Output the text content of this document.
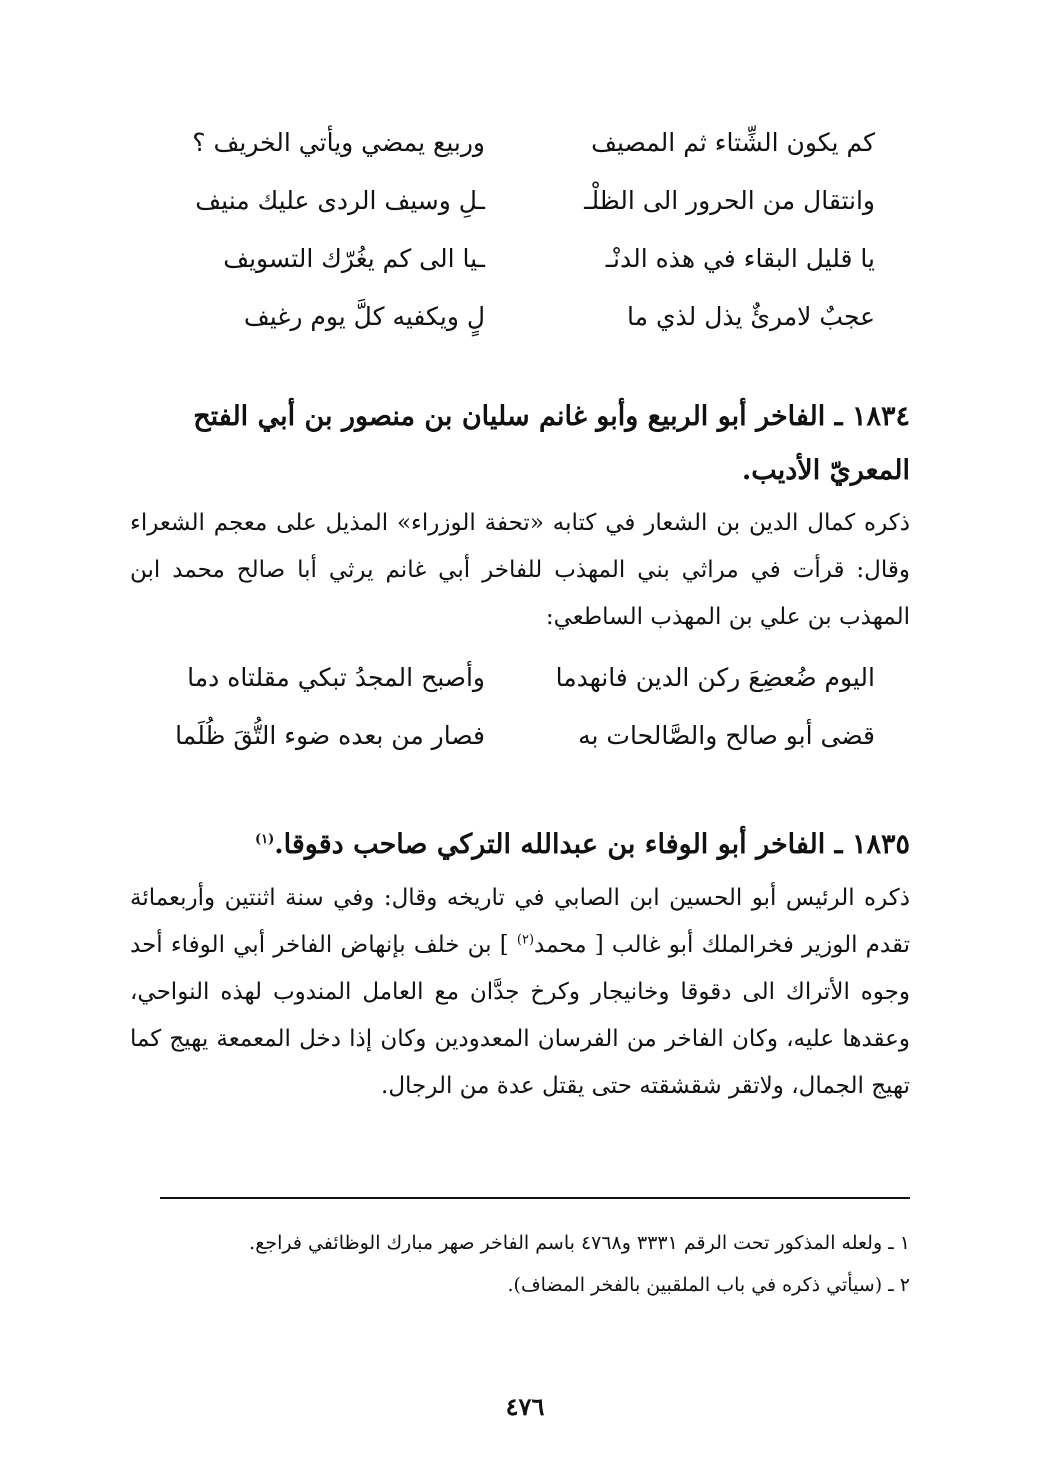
كم يكون الشِّتاء ثم المصيف
وربيع يمضي ويأتي الخريف ؟
وانتقال من الحرور الى الظلْـ
ـلِ وسيف الردى عليك منيف
يا قليل البقاء في هذه الدنْـ
ـيا الى كم يغُرّك التسويف
عجبٌ لامرئٌ يذل لذي ما
لٍ ويكفيه كلَّ يوم رغيف
١٨٣٤ ـ الفاخر أبو الربيع وأبو غانم سليان بن منصور بن أبي الفتح المعريّ الأديب.
ذكره كمال الدين بن الشعار في كتابه «تحفة الوزراء» المذيل على معجم الشعراء وقال: قرأت في مراثي بني المهذب للفاخر أبي غانم يرثي أبا صالح محمد ابن المهذب بن علي بن المهذب الساطعي:
اليوم ضُعضِعَ ركن الدين فانهدما
وأصبح المجدُ تبكي مقلتاه دما
قضى أبو صالح والصَّالحات به
فصار من بعده ضوء التُّقَ ظُلَما
١٨٣٥ ـ الفاخر أبو الوفاء بن عبدالله التركي صاحب دقوقا.$^{(١)}$
ذكره الرئيس أبو الحسين ابن الصابي في تاريخه وقال: وفي سنة اثنتين وأربعمائة تقدم الوزير فخرالملك أبو غالب [ محمد$^{(٢)}$ ] بن خلف بإنهاض الفاخر أبي الوفاء أحد وجوه الأتراك الى دقوقا وخانيجار وكرخ جدَّان مع العامل المندوب لهذه النواحي، وعقدها عليه، وكان الفاخر من الفرسان المعدودين وكان إذا دخل المعمعة يهيج كما تهيج الجمال، ولاتقر شقشقته حتى يقتل عدة من الرجال.

١ ـ ولعله المذكور تحت الرقم ٣٣٣١ و٤٧٦٨ باسم الفاخر صهر مبارك الوظائفي فراجع.

٢ ـ (سيأتي ذكره في باب الملقبين بالفخر المضاف).

٤٧٦
